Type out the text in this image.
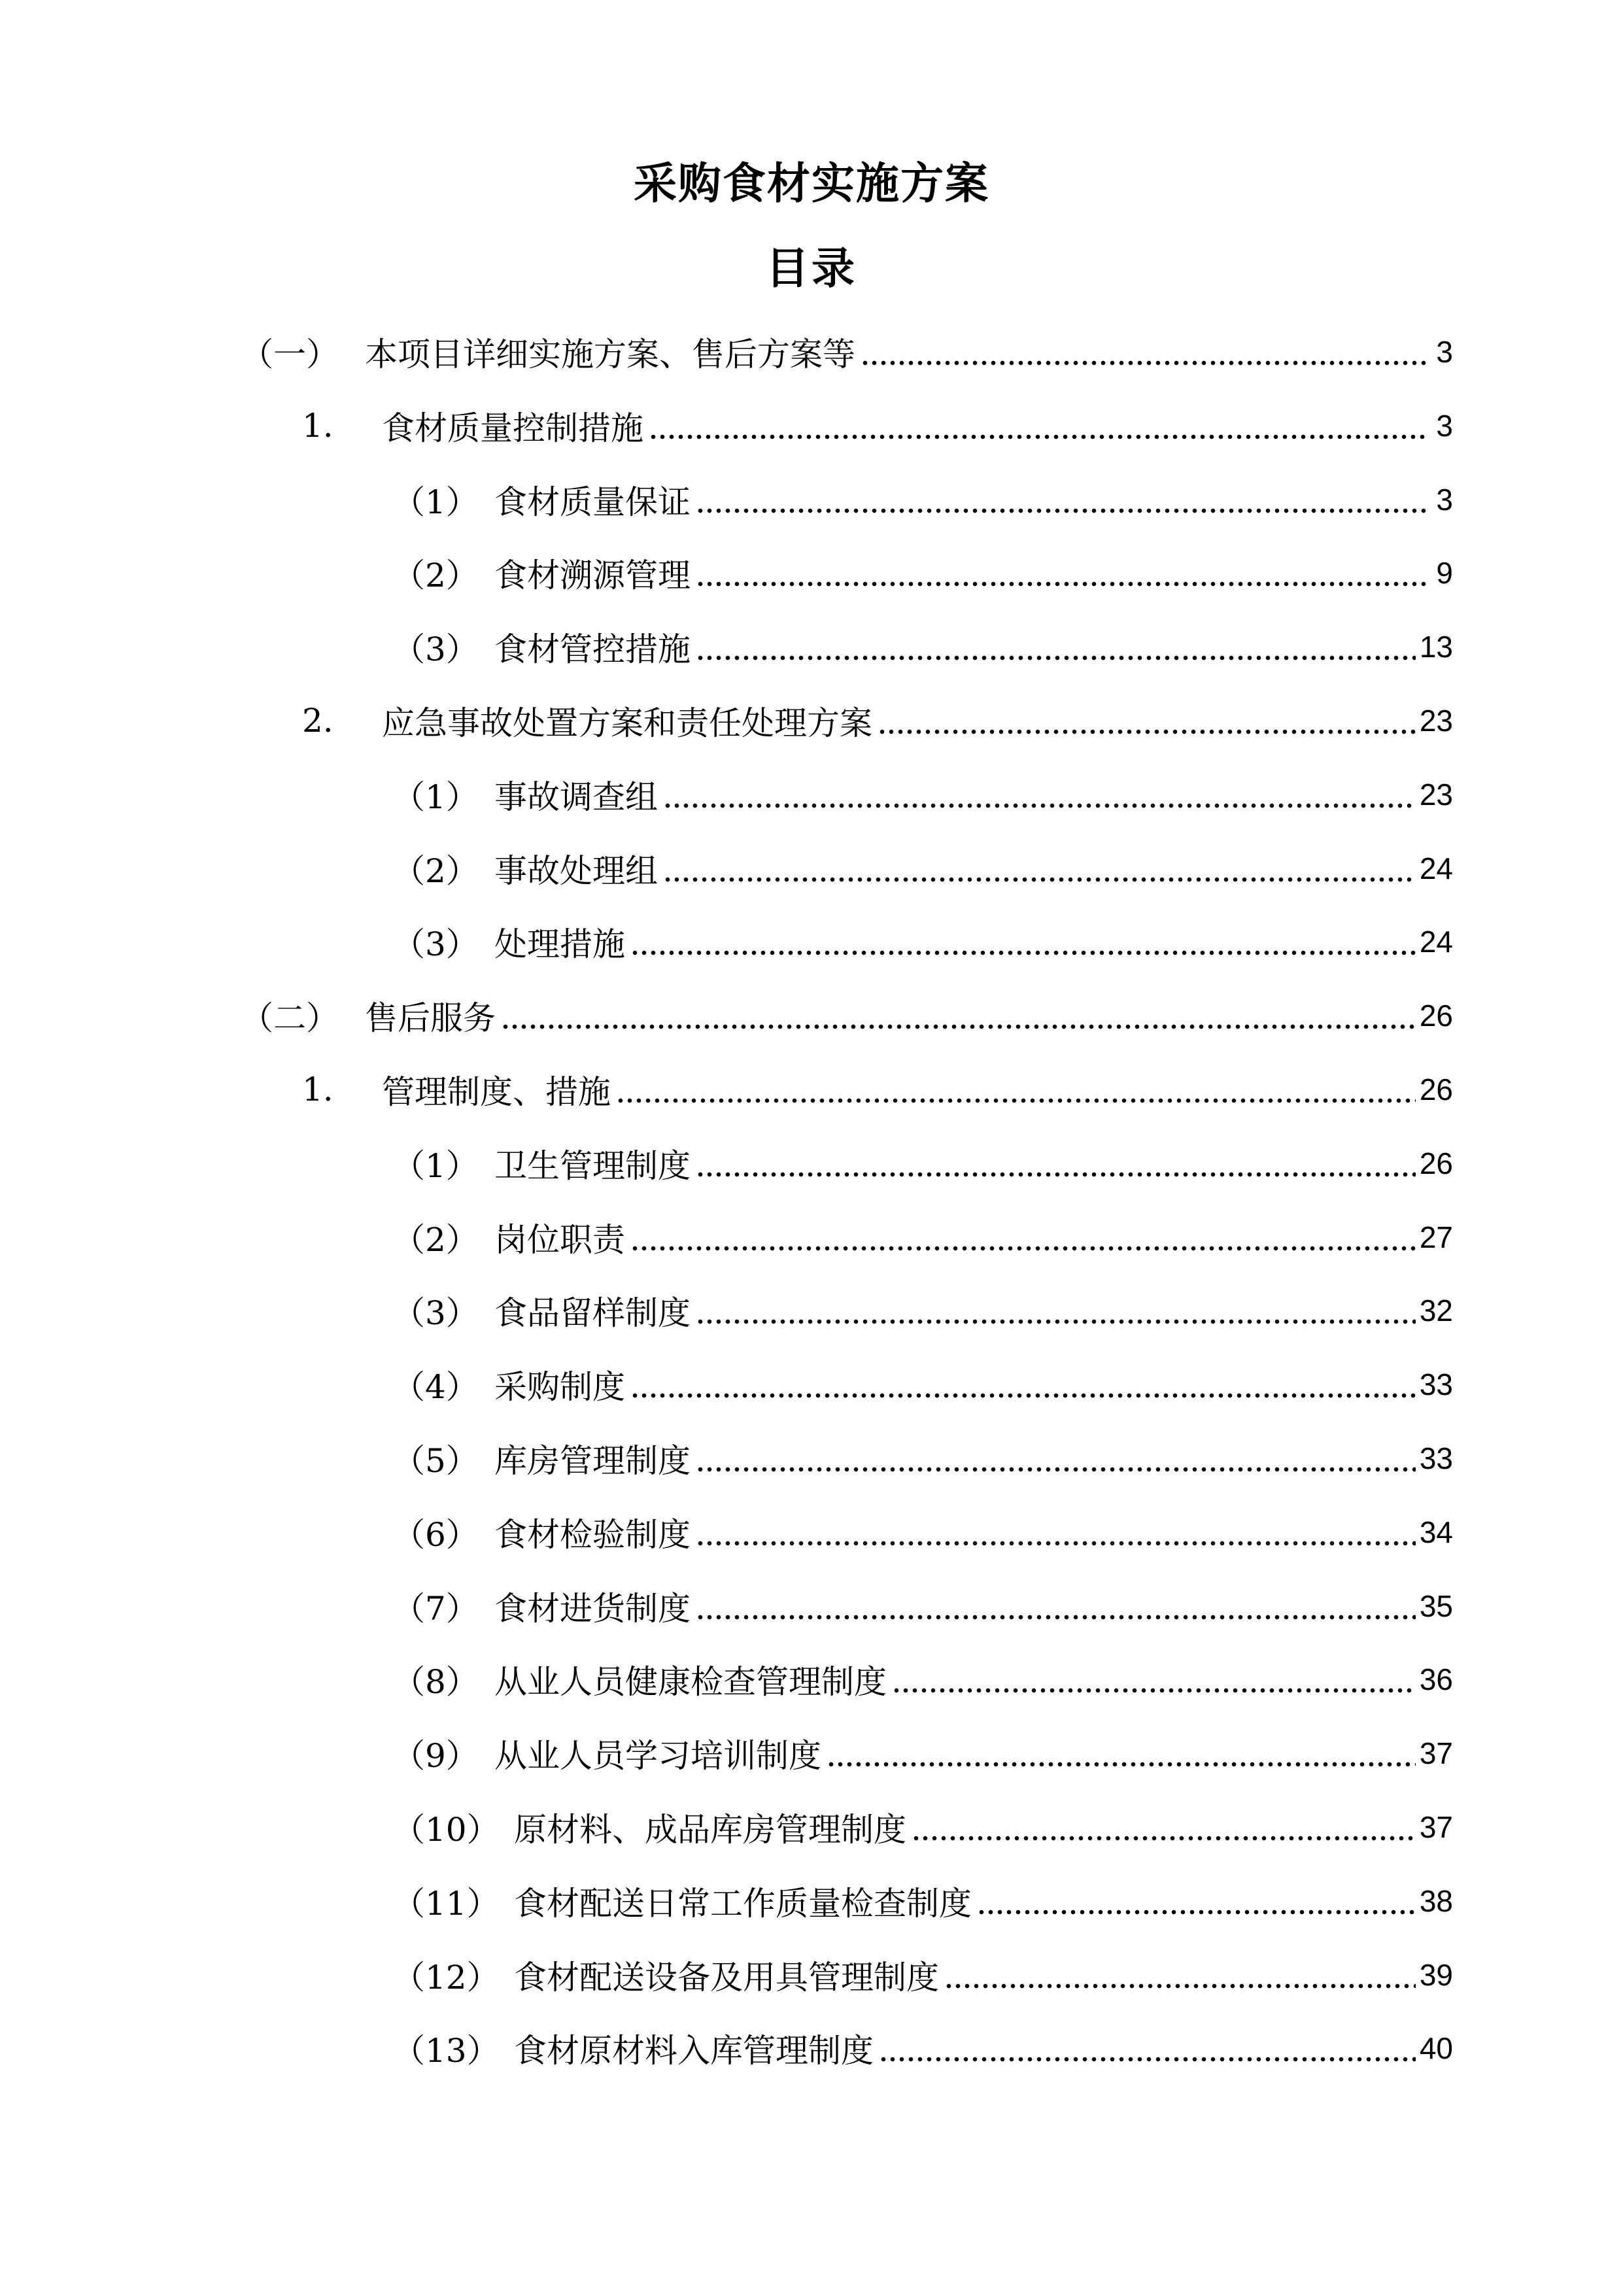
采购食材实施方案
目录
（一） 本项目详细实施方案、售后方案等	3
1.	食材质量控制措施	3
（1） 食材质量保证	3
（2） 食材溯源管理	9
（3） 食材管控措施	13
2.	应急事故处置方案和责任处理方案	23
（1） 事故调查组	23
（2） 事故处理组	24
（3） 处理措施	24
（二） 售后服务	26
1.	管理制度、措施	26
（1） 卫生管理制度	26
（2） 岗位职责	27
（3） 食品留样制度	32
（4） 采购制度	33
（5） 库房管理制度	33
（6） 食材检验制度	34
（7） 食材进货制度	35
（8） 从业人员健康检查管理制度	36
（9） 从业人员学习培训制度	37
（10） 原材料、成品库房管理制度	37
（11） 食材配送日常工作质量检查制度	38
（12） 食材配送设备及用具管理制度	39
（13） 食材原材料入库管理制度	40
